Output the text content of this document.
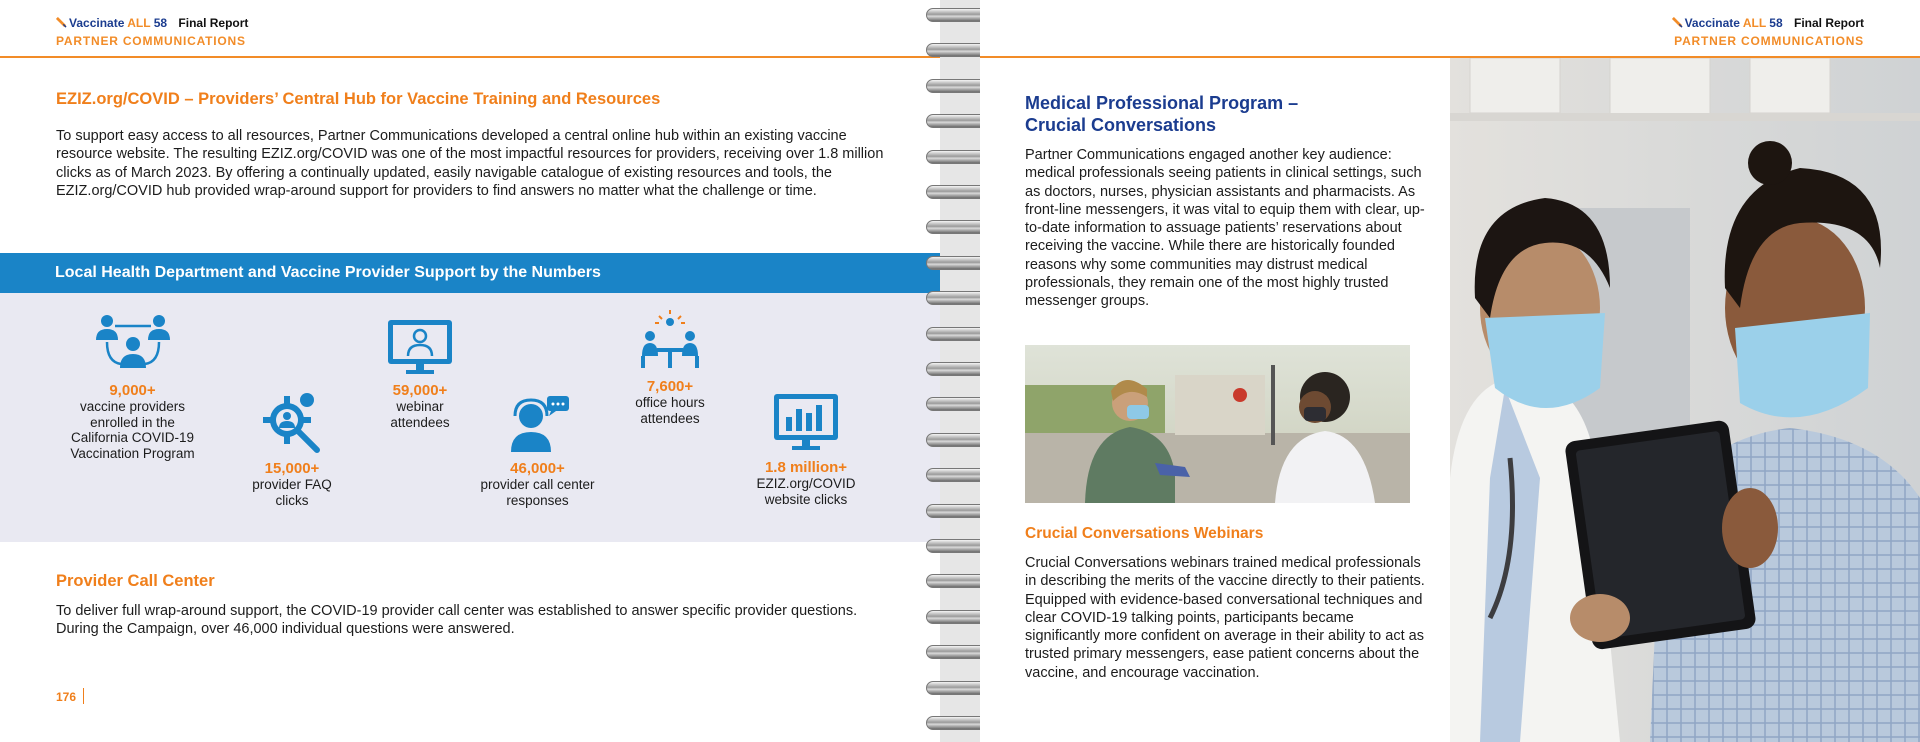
Vaccinate ALL 58 Final Report
PARTNER COMMUNICATIONS
EZIZ.org/COVID – Providers’ Central Hub for Vaccine Training and Resources
To support easy access to all resources, Partner Communications developed a central online hub within an existing vaccine resource website. The resulting EZIZ.org/COVID was one of the most impactful resources for providers, receiving over 1.8 million clicks as of March 2023. By offering a continually updated, easily navigable catalogue of existing resources and tools, the EZIZ.org/COVID hub provided wrap-around support for providers to find answers no matter what the challenge or time.
Local Health Department and Vaccine Provider Support by the Numbers
9,000+
vaccine providers enrolled in the California COVID-19 Vaccination Program
15,000+
provider FAQ clicks
59,000+
webinar attendees
46,000+
provider call center responses
7,600+
office hours attendees
1.8 million+
EZIZ.org/COVID website clicks
Provider Call Center
To deliver full wrap-around support, the COVID-19 provider call center was established to answer specific provider questions. During the Campaign, over 46,000 individual questions were answered.
176
Vaccinate ALL 58 Final Report
PARTNER COMMUNICATIONS
Medical Professional Program –
Crucial Conversations
Partner Communications engaged another key audience: medical professionals seeing patients in clinical settings, such as doctors, nurses, physician assistants and pharmacists. As front-line messengers, it was vital to equip them with clear, up-to-date information to assuage patients’ reservations about receiving the vaccine. While there are historically founded reasons why some communities may distrust medical professionals, they remain one of the most highly trusted messenger groups.
Crucial Conversations Webinars
Crucial Conversations webinars trained medical professionals in describing the merits of the vaccine directly to their patients. Equipped with evidence-based conversational techniques and clear COVID-19 talking points, participants became significantly more confident on average in their ability to act as trusted primary messengers, ease patient concerns about the vaccine, and encourage vaccination.
